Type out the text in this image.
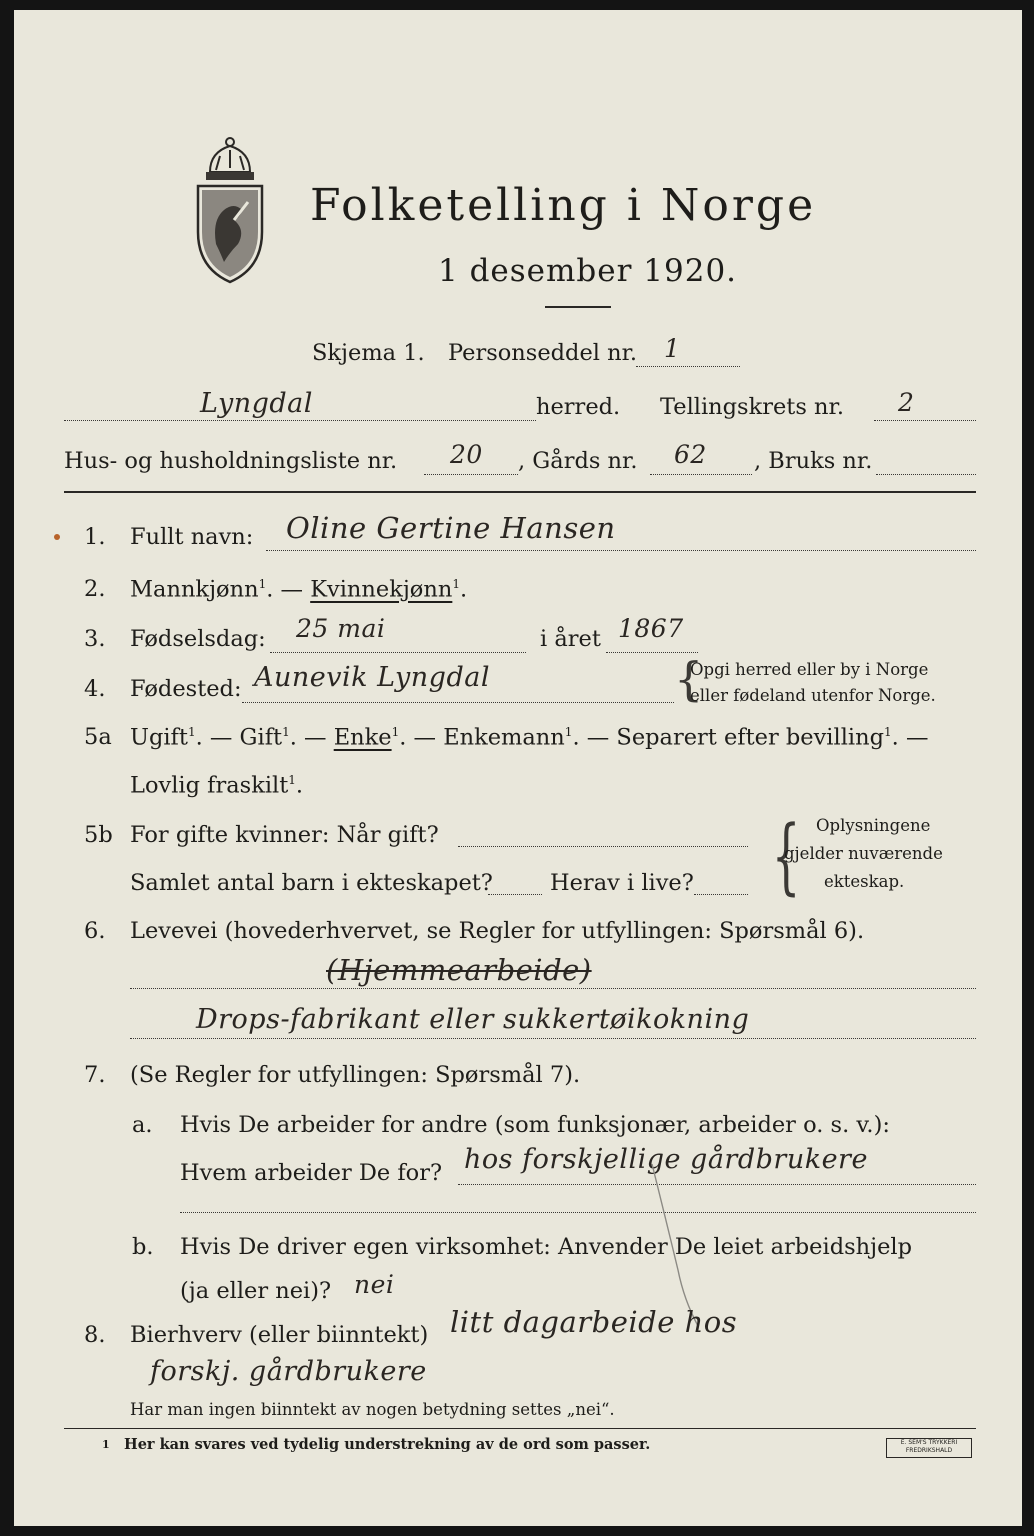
Folketelling i Norge
1 desember 1920.
Skjema 1. Personseddel nr. 1
Lyngdal	herred. Tellingskrets nr. 2
Hus- og husholdningsliste nr. 20 , Gårds nr. 62 , Bruks nr.
1. Fullt navn: Oline Gertine Hansen
2. Mannkjønn$^1$. — Kvinnekjønn$^1$.
3. Fødselsdag: 25 mai	i året 1867
4. Fødested: Aunevik Lyngdal	{
Opgi herred eller by i Norge
eller fødeland utenfor Norge.
5a Ugift$^1$. — Gift$^1$. — Enke$^1$. — Enkemann$^1$. — Separert efter bevilling$^1$. —
Lovlig fraskilt$^1$.
5b For gifte kvinner: Når gift?
Samlet antal barn i ekteskapet?	Herav i live? { Oplysningene
gjelder nuværende
ekteskap.
6. Levevei (hovederhvervet, se Regler for utfyllingen: Spørsmål 6).
(Hjemmearbeide)
Drops-fabrikant eller sukkertøikokning
7. (Se Regler for utfyllingen: Spørsmål 7).
a. Hvis De arbeider for andre (som funksjonær, arbeider o. s. v.):
Hvem arbeider De for? hos forskjellige gårdbrukere
b. Hvis De driver egen virksomhet: Anvender De leiet arbeidshjelp
(ja eller nei)? nei
8. Bierhverv (eller biinntekt) litt dagarbeide hos
forskj. gårdbrukere
Har man ingen biinntekt av nogen betydning settes „nei“.
1 Her kan svares ved tydelig understrekning av de ord som passer.	E. SEM'S TRYKKERI
FREDRIKSHALD
